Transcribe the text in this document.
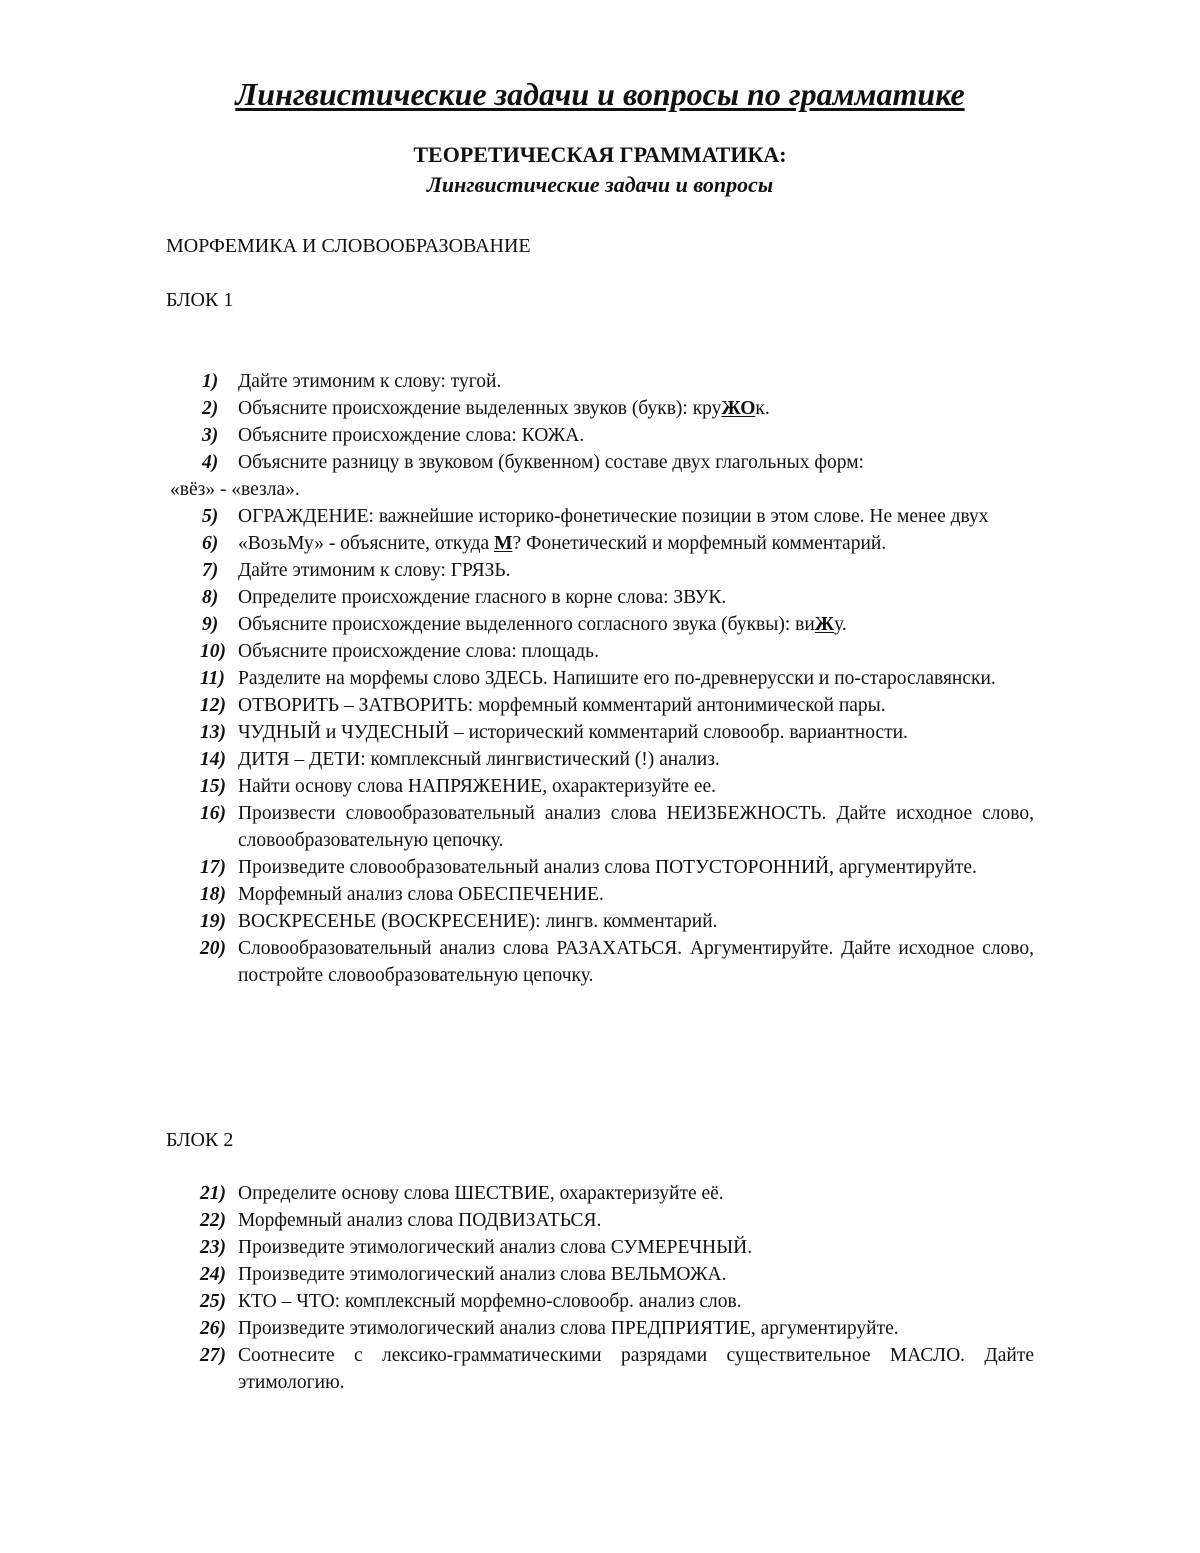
Лингвистические задачи и вопросы по грамматике
ТЕОРЕТИЧЕСКАЯ ГРАММАТИКА:
Лингвистические задачи и вопросы
МОРФЕМИКА И СЛОВООБРАЗОВАНИЕ
БЛОК 1
1) Дайте этимоним к слову: тугой.
2) Объясните происхождение выделенных звуков (букв): круЖОк.
3) Объясните происхождение слова: КОЖА.
4) Объясните разницу в звуковом (буквенном) составе двух глагольных форм:
«вёз» - «везла».
5) ОГРАЖДЕНИЕ: важнейшие историко-фонетические позиции в этом слове. Не менее двух
6) «ВозьМу» - объясните, откуда М? Фонетический и морфемный комментарий.
7) Дайте этимоним к слову: ГРЯЗЬ.
8) Определите происхождение гласного в корне слова: ЗВУК.
9) Объясните происхождение выделенного согласного звука (буквы): виЖу.
10) Объясните происхождение слова: площадь.
11) Разделите на морфемы слово ЗДЕСЬ. Напишите его по-древнерусски и по-старославянски.
12) ОТВОРИТЬ – ЗАТВОРИТЬ: морфемный комментарий антонимической пары.
13) ЧУДНЫЙ и ЧУДЕСНЫЙ – исторический комментарий словообр. вариантности.
14) ДИТЯ – ДЕТИ: комплексный лингвистический (!) анализ.
15) Найти основу слова НАПРЯЖЕНИЕ, охарактеризуйте ее.
16) Произвести словообразовательный анализ слова НЕИЗБЕЖНОСТЬ. Дайте исходное слово, словообразовательную цепочку.
17) Произведите словообразовательный анализ слова ПОТУСТОРОННИЙ, аргументируйте.
18) Морфемный анализ слова ОБЕСПЕЧЕНИЕ.
19) ВОСКРЕСЕНЬЕ (ВОСКРЕСЕНИЕ): лингв. комментарий.
20) Словообразовательный анализ слова РАЗАХАТЬСЯ. Аргументируйте. Дайте исходное слово, постройте словообразовательную цепочку.
БЛОК 2
21) Определите основу слова ШЕСТВИЕ, охарактеризуйте её.
22) Морфемный анализ слова ПОДВИЗАТЬСЯ.
23) Произведите этимологический анализ слова СУМЕРЕЧНЫЙ.
24) Произведите этимологический анализ слова ВЕЛЬМОЖА.
25) КТО – ЧТО: комплексный морфемно-словообр. анализ слов.
26) Произведите этимологический анализ слова ПРЕДПРИЯТИЕ, аргументируйте.
27) Соотнесите с лексико-грамматическими разрядами существительное МАСЛО. Дайте этимологию.
